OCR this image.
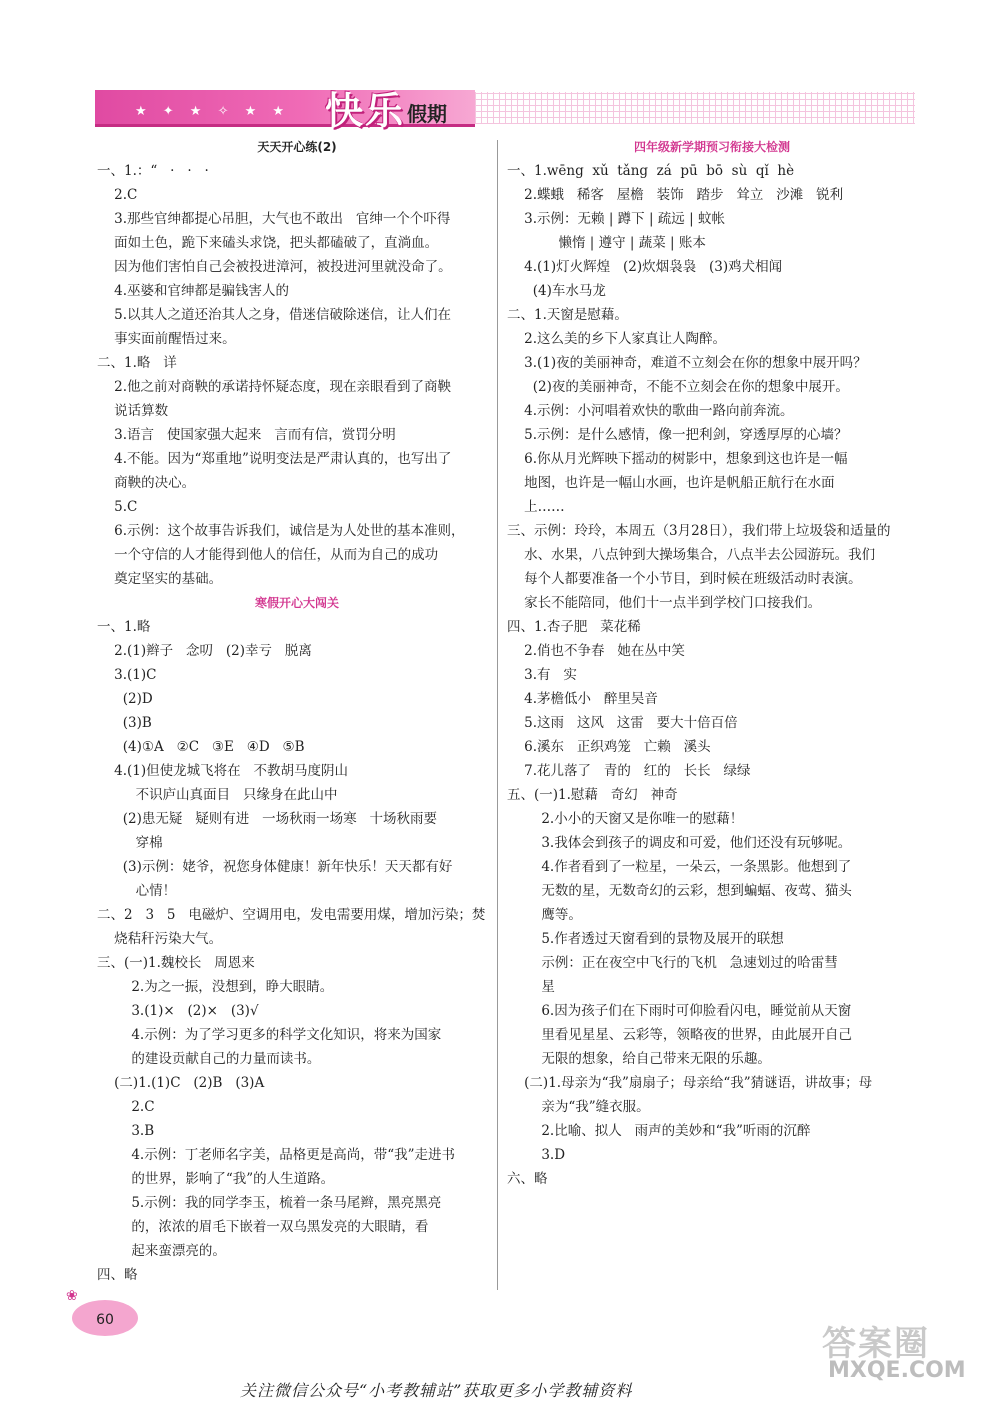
★ ✦ ★ ✧ ★ ★ 快乐 假期
天天开心练(2)
一、1.：“   ·   ·   ·
2.C
3.那些官绅都提心吊胆，大气也不敢出   官绅一个个吓得
面如土色，跪下来磕头求饶，把头都磕破了，直淌血。
因为他们害怕自己会被投进漳河，被投进河里就没命了。
4.巫婆和官绅都是骗钱害人的
5.以其人之道还治其人之身，借迷信破除迷信，让人们在
事实面前醒悟过来。
二、1.略   详
2.他之前对商鞅的承诺持怀疑态度，现在亲眼看到了商鞅
说话算数
3.语言   使国家强大起来   言而有信，赏罚分明
4.不能。因为“郑重地”说明变法是严肃认真的，也写出了
商鞅的决心。
5.C
6.示例：这个故事告诉我们，诚信是为人处世的基本准则，
一个守信的人才能得到他人的信任，从而为自己的成功
奠定坚实的基础。
寒假开心大闯关
一、1.略
2.(1)辫子   念叨   (2)幸亏   脱离
3.(1)C
(2)D
(3)B
(4)①A   ②C   ③E   ④D   ⑤B
4.(1)但使龙城飞将在   不教胡马度阴山
不识庐山真面目   只缘身在此山中
(2)患无疑   疑则有进   一场秋雨一场寒   十场秋雨要
穿棉
(3)示例：姥爷，祝您身体健康！新年快乐！天天都有好
心情！
二、2   3   5   电磁炉、空调用电，发电需要用煤，增加污染；焚
烧秸秆污染大气。
三、(一)1.魏校长   周恩来
2.为之一振，没想到，睁大眼睛。
3.(1)×   (2)×   (3)√
4.示例：为了学习更多的科学文化知识，将来为国家
的建设贡献自己的力量而读书。
(二)1.(1)C   (2)B   (3)A
2.C
3.B
4.示例：丁老师名字美，品格更是高尚，带“我”走进书
的世界，影响了“我”的人生道路。
5.示例：我的同学李玉，梳着一条马尾辫，黑亮黑亮
的，浓浓的眉毛下嵌着一双乌黑发亮的大眼睛，看
起来蛮漂亮的。
四、略
四年级新学期预习衔接大检测
一、1.wēng  xǔ  tǎng  zá  pū  bō  sù  qǐ  hè
2.蝶蛾   稀客   屋檐   装饰   踏步   耸立   沙滩   锐利
3.示例：无赖 | 蹲下 | 疏远 | 蚊帐
懒惰 | 遵守 | 蔬菜 | 账本
4.(1)灯火辉煌   (2)炊烟袅袅   (3)鸡犬相闻
(4)车水马龙
二、1.天窗是慰藉。
2.这么美的乡下人家真让人陶醉。
3.(1)夜的美丽神奇，难道不立刻会在你的想象中展开吗？
(2)夜的美丽神奇，不能不立刻会在你的想象中展开。
4.示例：小河唱着欢快的歌曲一路向前奔流。
5.示例：是什么感情，像一把利剑，穿透厚厚的心墙？
6.你从月光辉映下摇动的树影中，想象到这也许是一幅
地图，也许是一幅山水画，也许是帆船正航行在水面
上……
三、示例：玲玲，本周五（3月28日），我们带上垃圾袋和适量的
水、水果，八点钟到大操场集合，八点半去公园游玩。我们
每个人都要准备一个小节目，到时候在班级活动时表演。
家长不能陪同，他们十一点半到学校门口接我们。
四、1.杏子肥   菜花稀
2.俏也不争春   她在丛中笑
3.有   实
4.茅檐低小   醉里吴音
5.这雨   这风   这雷   要大十倍百倍
6.溪东   正织鸡笼   亡赖   溪头
7.花儿落了   青的   红的   长长   绿绿
五、(一)1.慰藉   奇幻   神奇
2.小小的天窗又是你唯一的慰藉！
3.我体会到孩子的调皮和可爱，他们还没有玩够呢。
4.作者看到了一粒星，一朵云，一条黑影。他想到了
无数的星，无数奇幻的云彩，想到蝙蝠、夜莺、猫头
鹰等。
5.作者透过天窗看到的景物及展开的联想
示例：正在夜空中飞行的飞机   急速划过的哈雷彗
星
6.因为孩子们在下雨时可仰脸看闪电，睡觉前从天窗
里看见星星、云彩等，领略夜的世界，由此展开自己
无限的想象，给自己带来无限的乐趣。
(二)1.母亲为“我”扇扇子；母亲给“我”猜谜语，讲故事；母
亲为“我”缝衣服。
2.比喻、拟人   雨声的美妙和“我”听雨的沉醉
3.D
六、略
❀
60
关注微信公众号“小考教辅站”获取更多小学教辅资料
答案圈
MXQE.COM
